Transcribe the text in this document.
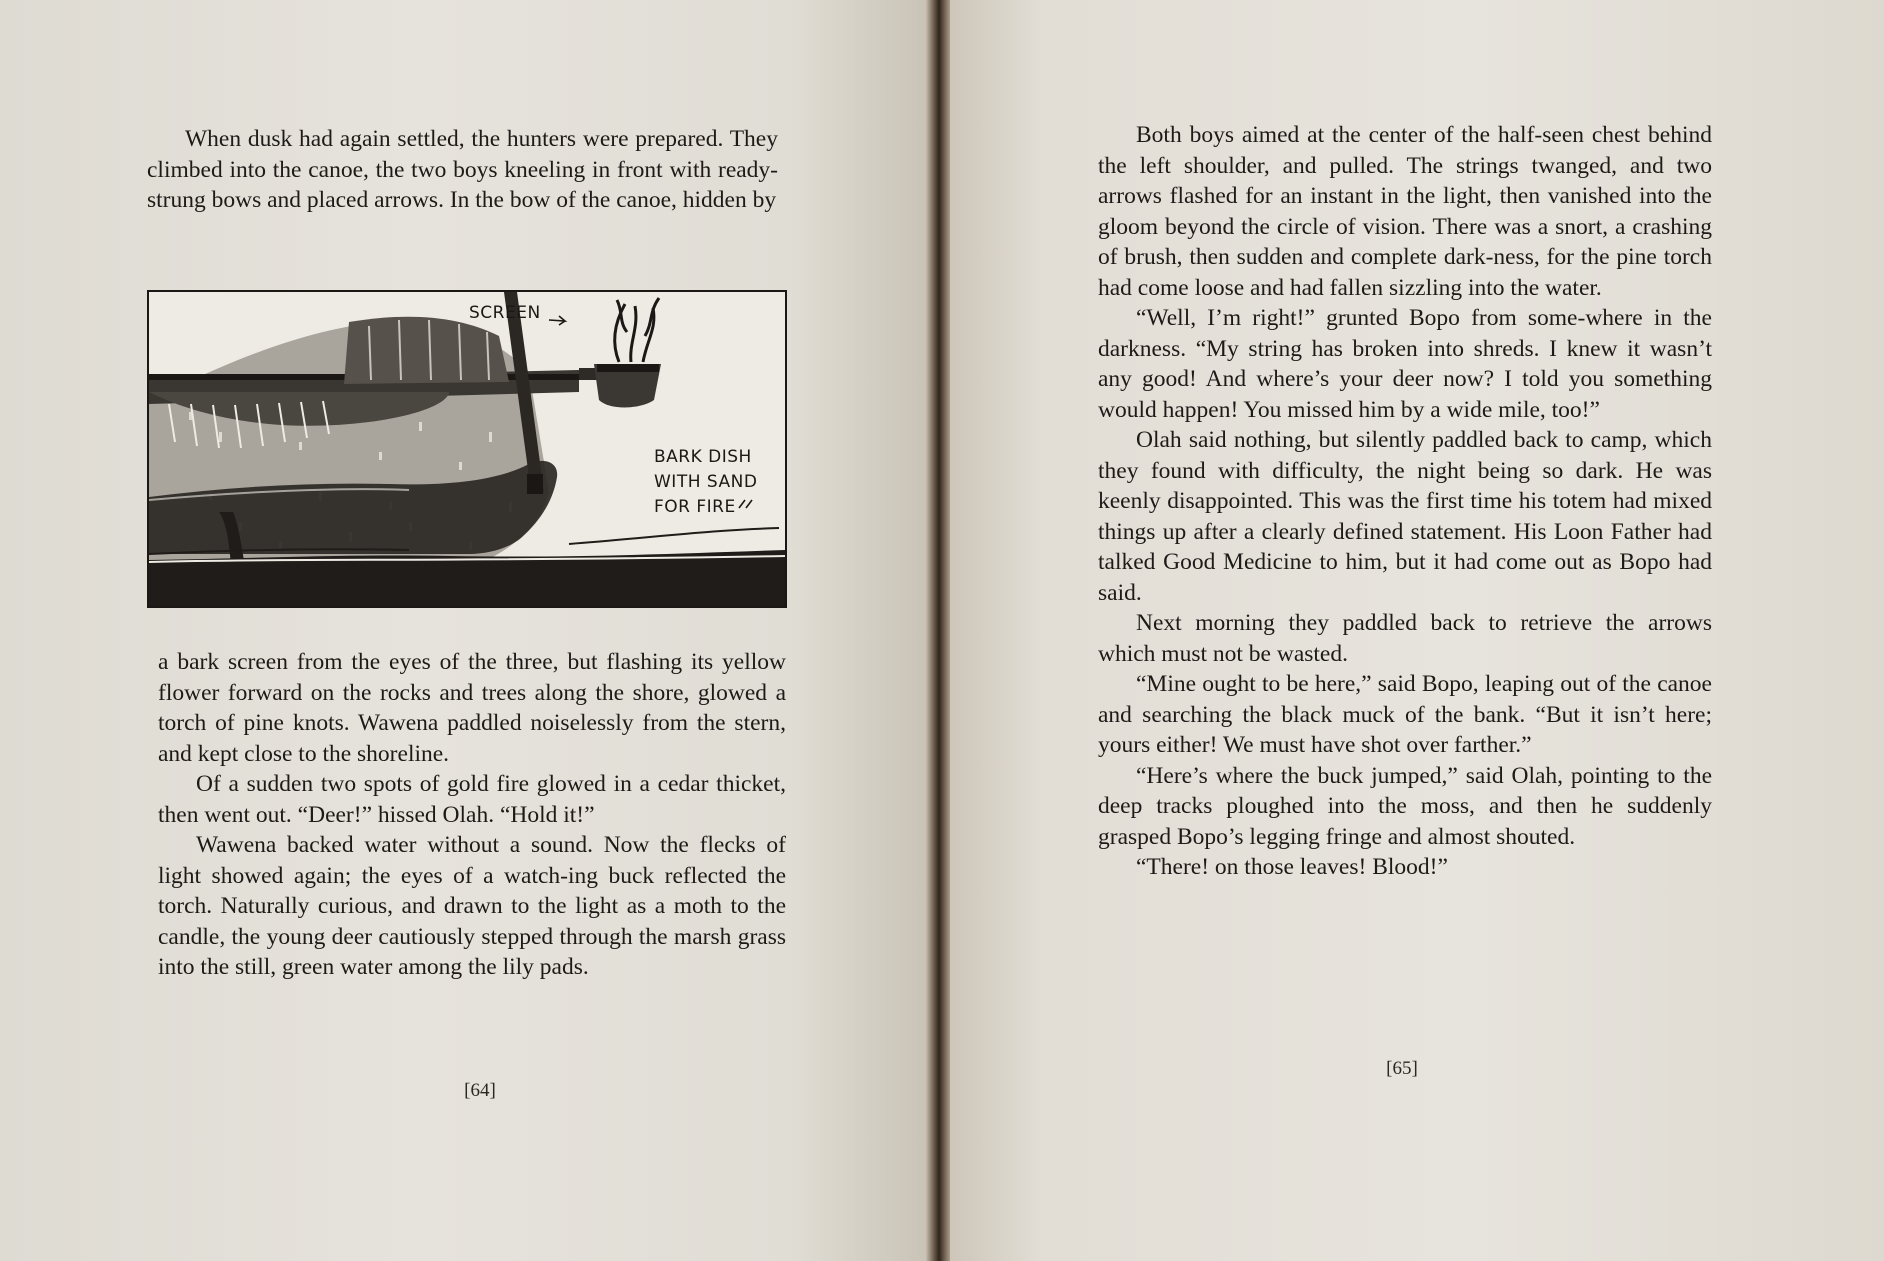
When dusk had again settled, the hunters were prepared. They climbed into the canoe, the two boys kneeling in front with ready-strung bows and placed arrows. In the bow of the canoe, hidden by

SCREEN
BARK DISH
WITH SAND
FOR FIRE

a bark screen from the eyes of the three, but flashing its yellow flower forward on the rocks and trees along the shore, glowed a torch of pine knots. Wawena paddled noiselessly from the stern, and kept close to the shoreline.

Of a sudden two spots of gold fire glowed in a cedar thicket, then went out. “Deer!” hissed Olah. “Hold it!”

Wawena backed water without a sound. Now the flecks of light showed again; the eyes of a watch-ing buck reflected the torch. Naturally curious, and drawn to the light as a moth to the candle, the young deer cautiously stepped through the marsh grass into the still, green water among the lily pads.

[64]

Both boys aimed at the center of the half-seen chest behind the left shoulder, and pulled. The strings twanged, and two arrows flashed for an instant in the light, then vanished into the gloom beyond the circle of vision. There was a snort, a crashing of brush, then sudden and complete dark-ness, for the pine torch had come loose and had fallen sizzling into the water.

“Well, I’m right!” grunted Bopo from some-where in the darkness. “My string has broken into shreds. I knew it wasn’t any good! And where’s your deer now? I told you something would happen! You missed him by a wide mile, too!”

Olah said nothing, but silently paddled back to camp, which they found with difficulty, the night being so dark. He was keenly disappointed. This was the first time his totem had mixed things up after a clearly defined statement. His Loon Father had talked Good Medicine to him, but it had come out as Bopo had said.

Next morning they paddled back to retrieve the arrows which must not be wasted.

“Mine ought to be here,” said Bopo, leaping out of the canoe and searching the black muck of the bank. “But it isn’t here; yours either! We must have shot over farther.”

“Here’s where the buck jumped,” said Olah, pointing to the deep tracks ploughed into the moss, and then he suddenly grasped Bopo’s legging fringe and almost shouted.

“There! on those leaves! Blood!”

[65]
